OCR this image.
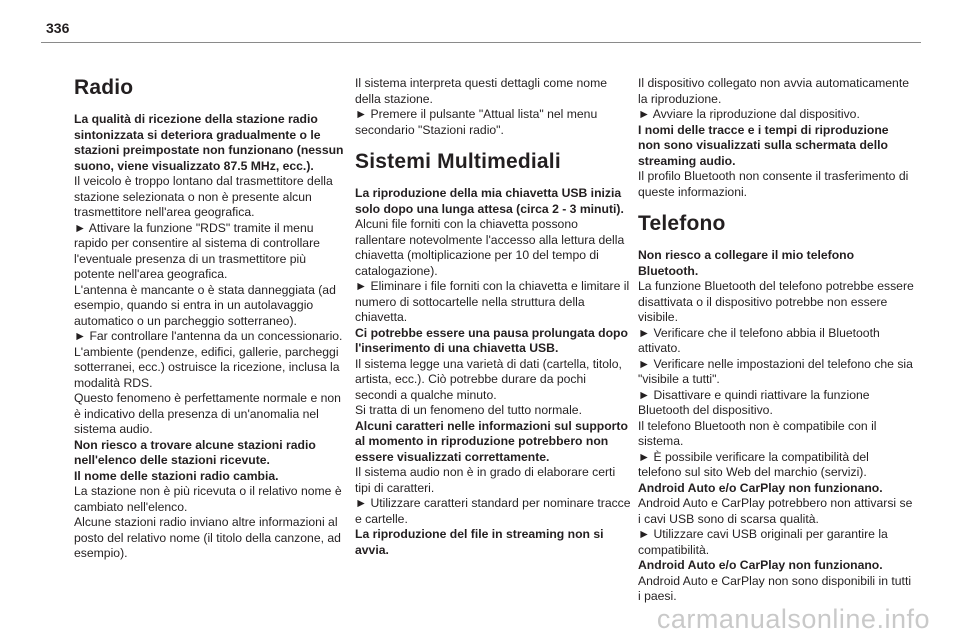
336
Radio
La qualità di ricezione della stazione radio sintonizzata si deteriora gradualmente o le stazioni preimpostate non funzionano (nessun suono, viene visualizzato 87.5 MHz, ecc.).
Il veicolo è troppo lontano dal trasmettitore della stazione selezionata o non è presente alcun trasmettitore nell'area geografica.
► Attivare la funzione "RDS" tramite il menu rapido per consentire al sistema di controllare l'eventuale presenza di un trasmettitore più potente nell'area geografica.
L'antenna è mancante o è stata danneggiata (ad esempio, quando si entra in un autolavaggio automatico o un parcheggio sotterraneo).
► Far controllare l'antenna da un concessionario.
L'ambiente (pendenze, edifici, gallerie, parcheggi sotterranei, ecc.) ostruisce la ricezione, inclusa la modalità RDS.
Questo fenomeno è perfettamente normale e non è indicativo della presenza di un'anomalia nel sistema audio.
Non riesco a trovare alcune stazioni radio nell'elenco delle stazioni ricevute.
Il nome delle stazioni radio cambia.
La stazione non è più ricevuta o il relativo nome è cambiato nell'elenco.
Alcune stazioni radio inviano altre informazioni al posto del relativo nome (il titolo della canzone, ad esempio).
Il sistema interpreta questi dettagli come nome della stazione.
► Premere il pulsante "Attual lista" nel menu secondario "Stazioni radio".
Sistemi Multimediali
La riproduzione della mia chiavetta USB inizia solo dopo una lunga attesa (circa 2 - 3 minuti).
Alcuni file forniti con la chiavetta possono rallentare notevolmente l'accesso alla lettura della chiavetta (moltiplicazione per 10 del tempo di catalogazione).
► Eliminare i file forniti con la chiavetta e limitare il numero di sottocartelle nella struttura della chiavetta.
Ci potrebbe essere una pausa prolungata dopo l'inserimento di una chiavetta USB.
Il sistema legge una varietà di dati (cartella, titolo, artista, ecc.). Ciò potrebbe durare da pochi secondi a qualche minuto.
Si tratta di un fenomeno del tutto normale.
Alcuni caratteri nelle informazioni sul supporto al momento in riproduzione potrebbero non essere visualizzati correttamente.
Il sistema audio non è in grado di elaborare certi tipi di caratteri.
► Utilizzare caratteri standard per nominare tracce e cartelle.
La riproduzione del file in streaming non si avvia.
Il dispositivo collegato non avvia automaticamente la riproduzione.
► Avviare la riproduzione dal dispositivo.
I nomi delle tracce e i tempi di riproduzione non sono visualizzati sulla schermata dello streaming audio.
Il profilo Bluetooth non consente il trasferimento di queste informazioni.
Telefono
Non riesco a collegare il mio telefono Bluetooth.
La funzione Bluetooth del telefono potrebbe essere disattivata o il dispositivo potrebbe non essere visibile.
► Verificare che il telefono abbia il Bluetooth attivato.
► Verificare nelle impostazioni del telefono che sia "visibile a tutti".
► Disattivare e quindi riattivare la funzione Bluetooth del dispositivo.
Il telefono Bluetooth non è compatibile con il sistema.
► È possibile verificare la compatibilità del telefono sul sito Web del marchio (servizi).
Android Auto e/o CarPlay non funzionano.
Android Auto e CarPlay potrebbero non attivarsi se i cavi USB sono di scarsa qualità.
► Utilizzare cavi USB originali per garantire la compatibilità.
Android Auto e/o CarPlay non funzionano.
Android Auto e CarPlay non sono disponibili in tutti i paesi.
carmanualsonline.info
